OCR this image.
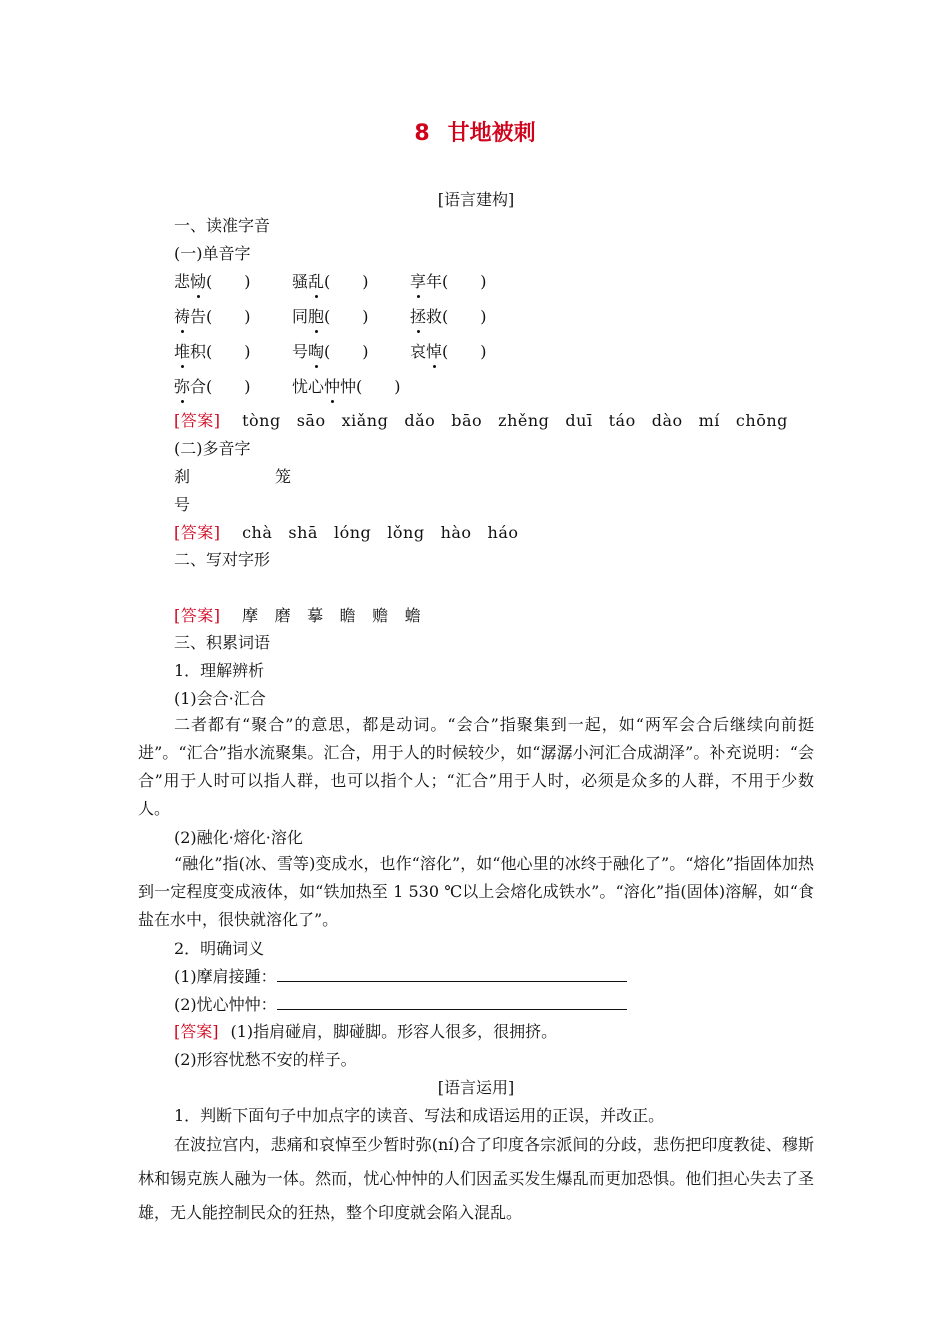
8 甘地被刺
[语言建构]
一、读准字音
(一)单音字
悲恸(　　)	骚乱(　　)	享年(　　)
祷告(　　)	同胞(　　)	拯救(　　)
堆积(　　)	号啕(　　)	哀悼(　　)
弥合(　　)	忧心忡忡(　　)
[答案] tòng sāo xiǎng dǎo bāo zhěng duī táo dào mí chōng
(二)多音字
刹	笼
号
[答案] chà shā lóng lǒng hào háo
二、写对字形
[答案] 摩 磨 摹 瞻 赡 蟾
三、积累词语
1．理解辨析
(1)会合·汇合
二者都有“聚合”的意思，都是动词。“会合”指聚集到一起，如“两军会合后继续向前挺进”。“汇合”指水流聚集。汇合，用于人的时候较少，如“潺潺小河汇合成湖泽”。补充说明：“会合”用于人时可以指人群，也可以指个人；“汇合”用于人时，必须是众多的人群，不用于少数人。
(2)融化·熔化·溶化
“融化”指(冰、雪等)变成水，也作“溶化”，如“他心里的冰终于融化了”。“熔化”指固体加热到一定程度变成液体，如“铁加热至 1 530 ℃以上会熔化成铁水”。“溶化”指(固体)溶解，如“食盐在水中，很快就溶化了”。
2．明确词义
(1)摩肩接踵：
(2)忧心忡忡：
[答案] (1)指肩碰肩，脚碰脚。形容人很多，很拥挤。
(2)形容忧愁不安的样子。
[语言运用]
1．判断下面句子中加点字的读音、写法和成语运用的正误，并改正。
在波拉宫内，悲痛和哀悼至少暂时弥(ní)合了印度各宗派间的分歧，悲伤把印度教徒、穆斯林和锡克族人融为一体。然而，忧心忡忡的人们因孟买发生爆乱而更加恐惧。他们担心失去了圣雄，无人能控制民众的狂热，整个印度就会陷入混乱。
